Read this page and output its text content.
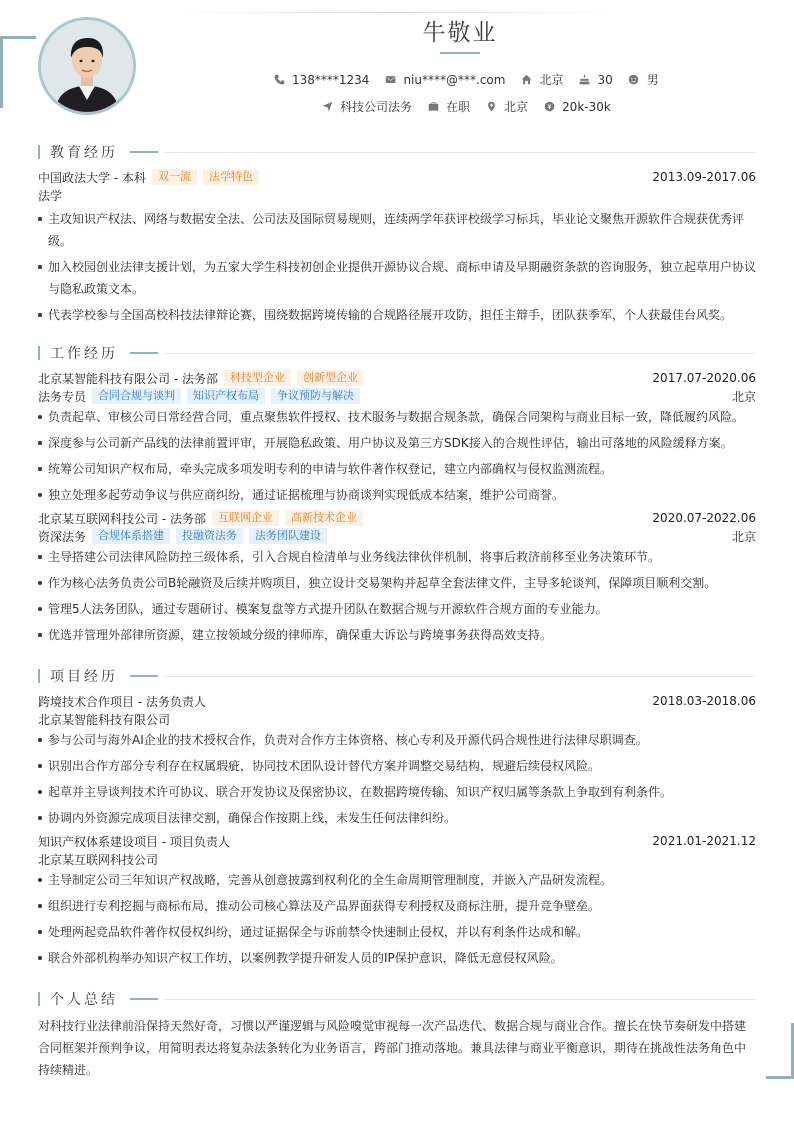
牛敬业
138****1234	niu****@***.com	北京	30	男
科技公司法务	在职	北京	20k-30k
教育经历
中国政法大学 - 本科	双一流	法学特色	2013.09-2017.06
法学
主攻知识产权法、网络与数据安全法、公司法及国际贸易规则，连续两学年获评校级学习标兵，毕业论文聚焦开源软件合规获优秀评级。
加入校园创业法律支援计划，为五家大学生科技初创企业提供开源协议合规、商标申请及早期融资条款的咨询服务，独立起草用户协议与隐私政策文本。
代表学校参与全国高校科技法律辩论赛，围绕数据跨境传输的合规路径展开攻防，担任主辩手，团队获季军，个人获最佳台风奖。
工作经历
北京某智能科技有限公司 - 法务部	科技型企业	创新型企业	2017.07-2020.06
法务专员	合同合规与谈判	知识产权布局	争议预防与解决	北京
负责起草、审核公司日常经营合同，重点聚焦软件授权、技术服务与数据合规条款，确保合同架构与商业目标一致，降低履约风险。
深度参与公司新产品线的法律前置评审，开展隐私政策、用户协议及第三方SDK接入的合规性评估，输出可落地的风险缓释方案。
统筹公司知识产权布局，牵头完成多项发明专利的申请与软件著作权登记，建立内部确权与侵权监测流程。
独立处理多起劳动争议与供应商纠纷，通过证据梳理与协商谈判实现低成本结案，维护公司商誉。
北京某互联网科技公司 - 法务部	互联网企业	高新技术企业	2020.07-2022.06
资深法务	合规体系搭建	投融资法务	法务团队建设	北京
主导搭建公司法律风险防控三级体系，引入合规自检清单与业务线法律伙伴机制，将事后救济前移至业务决策环节。
作为核心法务负责公司B轮融资及后续并购项目，独立设计交易架构并起草全套法律文件，主导多轮谈判，保障项目顺利交割。
管理5人法务团队，通过专题研讨、模案复盘等方式提升团队在数据合规与开源软件合规方面的专业能力。
优选并管理外部律所资源，建立按领域分级的律师库，确保重大诉讼与跨境事务获得高效支持。
项目经历
跨境技术合作项目 - 法务负责人	2018.03-2018.06
北京某智能科技有限公司
参与公司与海外AI企业的技术授权合作，负责对合作方主体资格、核心专利及开源代码合规性进行法律尽职调查。
识别出合作方部分专利存在权属瑕疵，协同技术团队设计替代方案并调整交易结构，规避后续侵权风险。
起草并主导谈判技术许可协议、联合开发协议及保密协议，在数据跨境传输、知识产权归属等条款上争取到有利条件。
协调内外资源完成项目法律交割，确保合作按期上线，未发生任何法律纠纷。
知识产权体系建设项目 - 项目负责人	2021.01-2021.12
北京某互联网科技公司
主导制定公司三年知识产权战略，完善从创意披露到权利化的全生命周期管理制度，并嵌入产品研发流程。
组织进行专利挖掘与商标布局，推动公司核心算法及产品界面获得专利授权及商标注册，提升竞争壁垒。
处理两起竞品软件著作权侵权纠纷，通过证据保全与诉前禁令快速制止侵权，并以有利条件达成和解。
联合外部机构举办知识产权工作坊，以案例教学提升研发人员的IP保护意识，降低无意侵权风险。
个人总结
对科技行业法律前沿保持天然好奇，习惯以严谨逻辑与风险嗅觉审视每一次产品迭代、数据合规与商业合作。擅长在快节奏研发中搭建合同框架并预判争议，用简明表达将复杂法条转化为业务语言，跨部门推动落地。兼具法律与商业平衡意识，期待在挑战性法务角色中持续精进。
